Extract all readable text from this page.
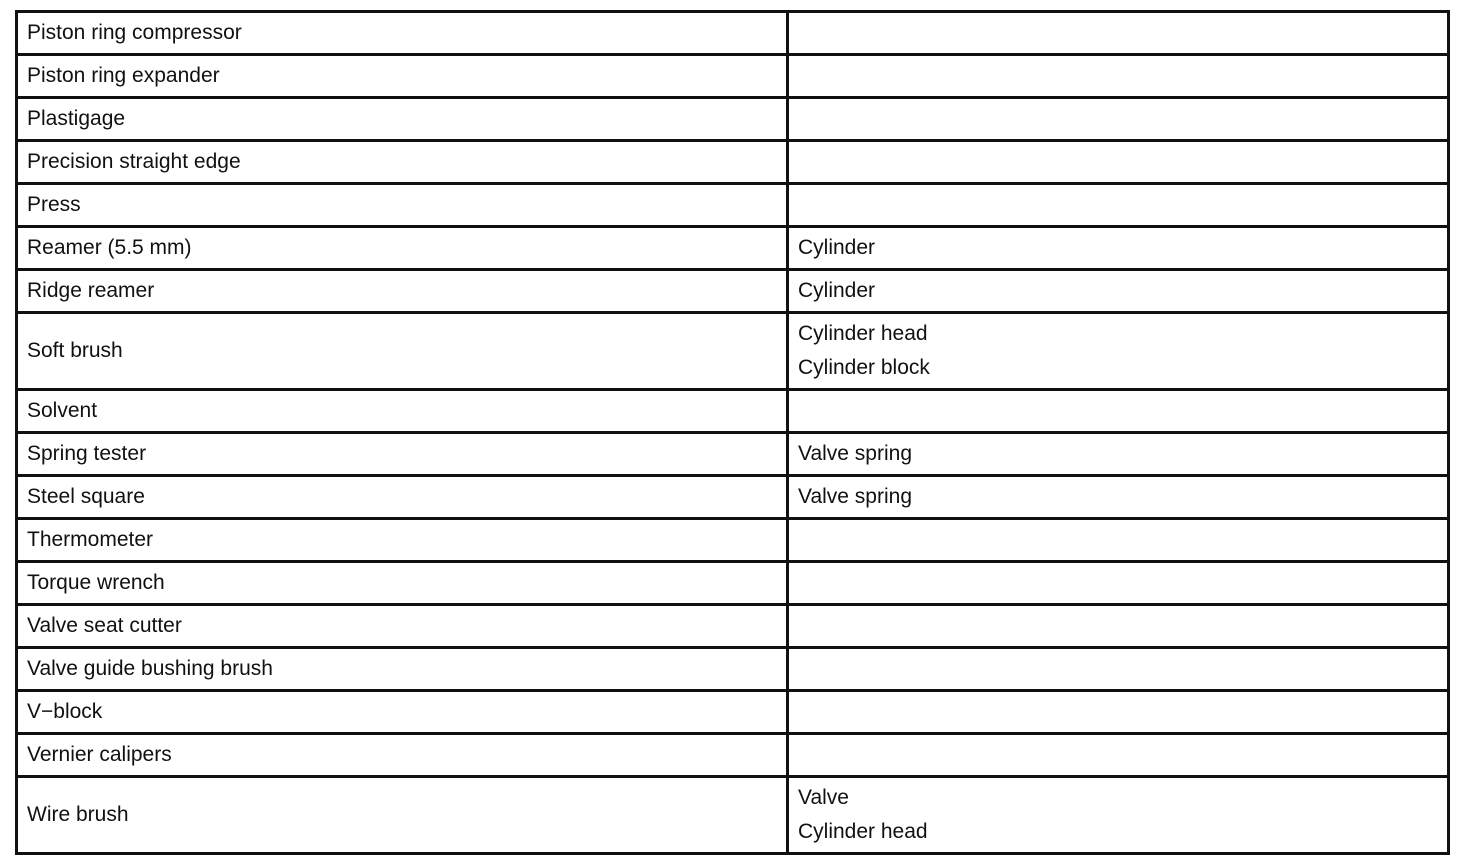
Piston ring compressor	
Piston ring expander	
Plastigage	
Precision straight edge	
Press	
Reamer (5.5 mm)	Cylinder

Ridge reamer	Cylinder

Soft brush	Cylinder head
Cylinder block

Solvent	
Spring tester	Valve spring

Steel square	Valve spring

Thermometer	
Torque wrench	
Valve seat cutter	
Valve guide bushing brush	
V−block	
Vernier calipers	
Wire brush	Valve
Cylinder head
